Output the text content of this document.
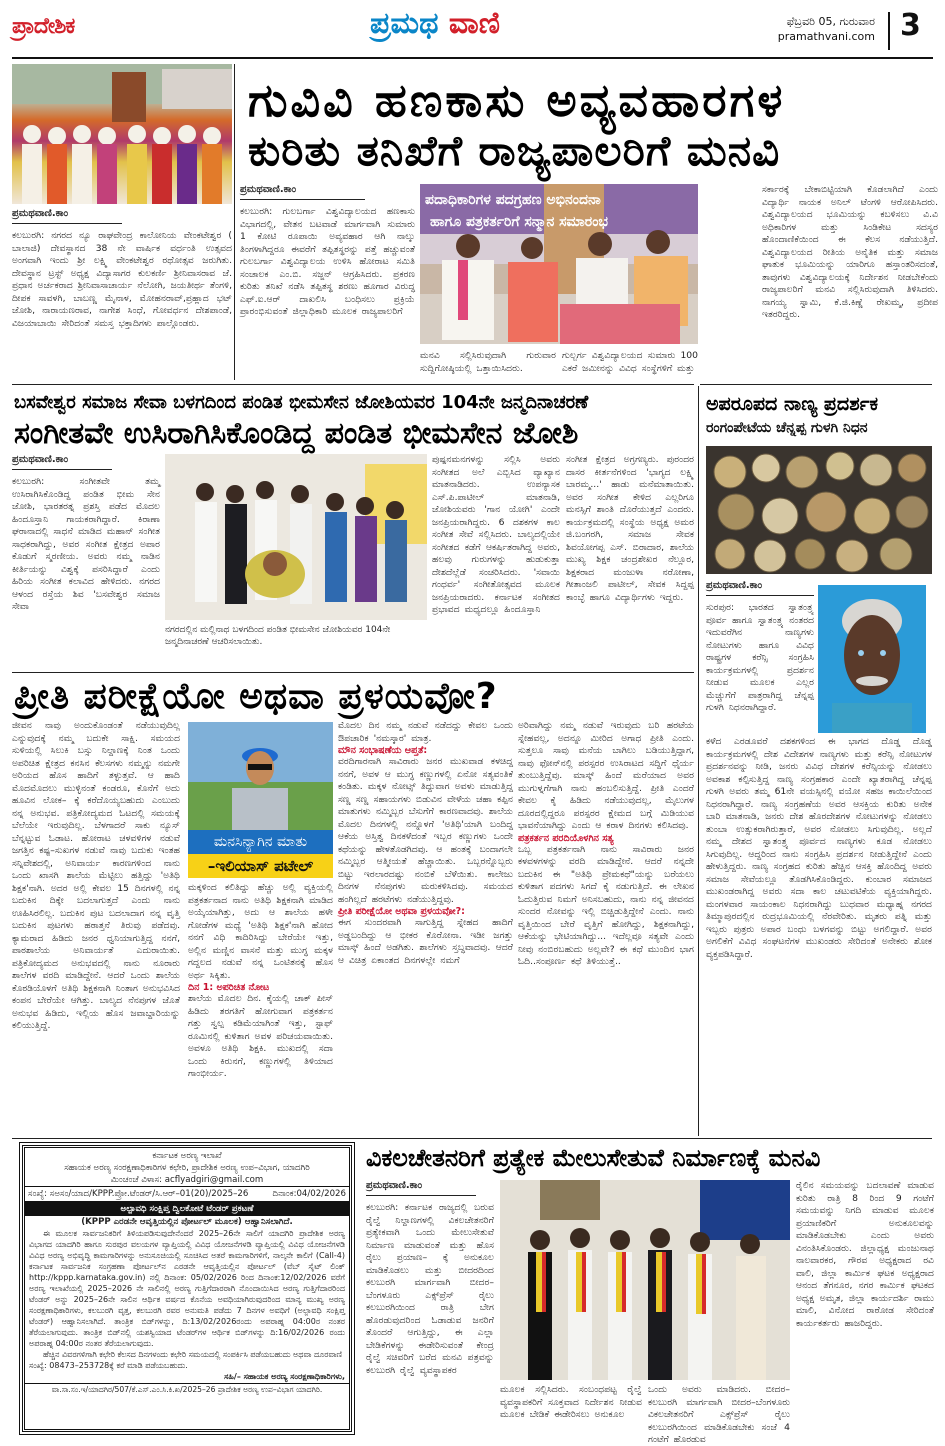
ಪ್ರಾದೇಶಿಕ	ಪ್ರಮಥ ವಾಣಿ	ಫೆಬ್ರವರಿ 05, ಗುರುವಾರ
pramathvani.com 3
ಪ್ರಮಥವಾಣಿ.ಕಾಂ
ಕಲಬುರಗಿ: ನಗರದ ನ್ಯೂ ರಾಘವೇಂದ್ರ ಕಾಲೋನಿಯ ವೇಂಕಟೇಶ್ವರ ( ಬಾಲಾಜಿ) ದೇವಸ್ಥಾನದ 38 ನೇ ವಾರ್ಷಿಕ ವರ್ಧಂತಿ ಉತ್ಸವದ ಅಂಗವಾಗಿ ಇಂದು ಶ್ರೀ ಲಕ್ಷ್ಮಿ ವೇಂಕಟೇಶ್ವರ ರಥೋತ್ಸವ ಜರುಗಿತು. ದೇವಸ್ಥಾನ ಟ್ರಸ್ಟ್ ಅಧ್ಯಕ್ಷ ವಿದ್ಯಾಸಾಗರ ಕುಲಕರ್ಣಿ ಶ್ರೀನಿವಾಸರಾವ ಜೆ. ಪ್ರಧಾನ ಅರ್ಚಕರಾದ ಶ್ರೀನಿವಾಸಾಚಾರ್ಯ ನೆಲೋಗಿ, ಜಯತೀರ್ಥ ತೆಂಗಳಿ, ದೀಪಕ ಸಾವಳಗಿ, ಬಾಬಣ್ಣ ಮೈನಾಳ, ಮೋಹನರಾವ್,ಪ್ರಹ್ಲಾದ ಭಟ್ ಜೋಶಿ, ನಾರಾಯಣರಾವ, ನಾಗೇಶ ಸಿಂಧೆ, ಗೋವರ್ಧನ ದೇಶಪಾಂಡೆ, ವಿಜಯಾಬಾಯಿ ಸೇರಿದಂತೆ ಸಮಸ್ತ ಭಕ್ತಾದಿಗಳು ಪಾಲ್ಗೊಂಡರು.
ಗುವಿವಿ ಹಣಕಾಸು ಅವ್ಯವಹಾರಗಳ
ಕುರಿತು ತನಿಖೆಗೆ ರಾಜ್ಯಪಾಲರಿಗೆ ಮನವಿ
ಪ್ರಮಥವಾಣಿ.ಕಾಂ
ಕಲಬುರಗಿ: ಗುಲಬರ್ಗಾ ವಿಶ್ವವಿದ್ಯಾಲಯದ ಹಣಕಾಸು ವಿಭಾಗದಲ್ಲಿ, ವೇತನ ಬಟವಾಡೆ ಮಾರ್ಗವಾಗಿ ಸುಮಾರು 1 ಕೋಟಿ ರೂಪಾಯಿ ಅವ್ಯವಹಾರ ಆಗಿ ನಾಲ್ಕು ತಿಂಗಳಾಗಿದ್ದರೂ ಈವರೆಗೆ ತಪ್ಪಿತಸ್ಥರನ್ನು ಪತ್ತೆ ಹಚ್ಚುವಂತೆ ಗುಲಬರ್ಗಾ ವಿಶ್ವವಿದ್ಯಾಲಯ ಉಳಿಸಿ ಹೋರಾಟ ಸಮಿತಿ ಸಂಚಾಲಕ ಎಂ.ಬಿ. ಸಜ್ಜನ್ ಆಗ್ರಹಿಸಿದರು. ಪ್ರಕರಣ ಕುರಿತು ತನಿಖೆ ನಡೆಸಿ ತಪ್ಪಿತಸ್ಥ ಶರಣು ಹೂಗಾರ ವಿರುದ್ಧ ಎಫ್.ಐ.ಆರ್ ದಾಖಲಿಸಿ ಬಂಧಿಸಲು ಪ್ರಕ್ರಿಯೆ ಪ್ರಾರಂಭಿಸುವಂತೆ ಜಿಲ್ಲಾಧಿಕಾರಿ ಮೂಲಕ ರಾಜ್ಯಪಾಲರಿಗೆ
ಪದಾಧಿಕಾರಿಗಳ ಪದಗ್ರಹಣ ಅಭಿನಂದನಾ
ಹಾಗೂ ಪತ್ರಕರ್ತರಿಗೆ ಸನ್ಮಾನ ಸಮಾರಂಭ
ಮನವಿ ಸಲ್ಲಿಸಿರುವುದಾಗಿ ಗುರುವಾರ ಸುದ್ದಿಗೋಷ್ಠಿಯಲ್ಲಿ ಒತ್ತಾಯಿಸಿದರು.
ಗುಲ್ಬರ್ಗ ವಿಶ್ವವಿದ್ಯಾಲಯದ ಸುಮಾರು 100 ಎಕರೆ ಜಮೀನನ್ನು ವಿವಿಧ ಸಂಸ್ಥೆಗಳಿಗೆ ಮತ್ತು
ಸರ್ಕಾರಕ್ಕೆ ಬೇಕಾಬಿಟ್ಟಿಯಾಗಿ ಕೊಡಲಾಗಿದೆ ಎಂದು ವಿದ್ಯಾರ್ಥಿ ನಾಯಕ ಅನಿಲ್ ಟೆಂಗಳಿ ಆರೋಪಿಸಿದರು. ವಿಶ್ವವಿದ್ಯಾಲಯದ ಭೂಮಿಯನ್ನು ಕಬಳಿಸಲು ವಿ.ವಿ ಅಧಿಕಾರಿಗಳ ಮತ್ತು ಸಿಂಡಿಕೇಟ ಸದಸ್ಯರ ಹೊಂದಾಣಿಕೆಯಿಂದ ಈ ಕೆಲಸ ನಡೆಯುತ್ತಿದೆ. ವಿಶ್ವವಿದ್ಯಾಲಯದ ರೀತಿಯ ಅನೈತಿಕ ಮತ್ತು ಸಮಾಜ ಘಾತುಕ ಭೂಮಿಯನ್ನು ಯಾರಿಗೂ ಹಸ್ತಾಂತರಿಸದಂತೆ, ತಾವುಗಳು ವಿಶ್ವವಿದ್ಯಾಲಯಕ್ಕೆ ನಿರ್ದೇಶನ ನೀಡಬೇಕೆಂದು ರಾಜ್ಯಪಾಲರಿಗೆ ಮನವಿ ಸಲ್ಲಿಸಿರುವುದಾಗಿ ತಿಳಿಸಿದರು. ನಾಗಯ್ಯ ಸ್ವಾಮಿ, ಕೆ.ಜಿ.ಕಿಣ್ಣೆ ರೇಖಮ್ಮ, ಪ್ರದೀಪ ಇತರರಿದ್ದರು.
ಬಸವೇಶ್ವರ ಸಮಾಜ ಸೇವಾ ಬಳಗದಿಂದ ಪಂಡಿತ ಭೀಮಸೇನ ಜೋಶಿಯವರ 104ನೇ ಜನ್ಮದಿನಾಚರಣೆ
ಸಂಗೀತವೇ ಉಸಿರಾಗಿಸಿಕೊಂಡಿದ್ದ ಪಂಡಿತ ಭೀಮಸೇನ ಜೋಶಿ
ಪ್ರಮಥವಾಣಿ.ಕಾಂ
ಕಲಬುರಗಿ: ಸಂಗೀತವೇ ತಮ್ಮ ಉಸಿರಾಗಿಸಿಕೊಂಡಿದ್ದ ಪಂಡಿತ ಭೀಮ ಸೇನ ಜೋಶಿ, ಭಾರತರತ್ನ ಪ್ರಶಸ್ತಿ ಪಡೆದ ಮೊದಲ ಹಿಂದೂಸ್ತಾನಿ ಗಾಯಕರಾಗಿದ್ದಾರೆ. ಕಿರಾಣಾ ಘರಾನಾದಲ್ಲಿ ಸಾಧನೆ ಮಾಡಿದ ಮಹಾನ್ ಸಂಗೀತ ಸಾಧಕರಾಗಿದ್ದು, ಅವರ ಸಂಗೀತ ಕ್ಷೇತ್ರದ ಅಪಾರ ಕೊಡುಗೆ ಸ್ಮರಣೀಯ. ಅವರು ನಮ್ಮ ನಾಡಿನ ಕೀರ್ತಿಯನ್ನು ವಿಶ್ವಕ್ಕೆ ಪಸರಿಸಿದ್ದಾರೆ ಎಂದು ಹಿರಿಯ ಸಂಗೀತ ಕಲಾವಿದ ಹೇಳಿದರು. ನಗರದ ಆಳಂದ ರಸ್ತೆಯ ಶಿವ 'ಬಸವೇಶ್ವರ ಸಮಾಜ ಸೇವಾ
ನಗರದಲ್ಲಿನ ಮಲ್ಲಿನಾಥ ಬಳಗದಿಂದ ಪಂಡಿತ ಭೀಮಸೇನ ಜೋಶಿಯವರ 104ನೇ ಜನ್ಮದಿನಾಚರಣೆ ಆಚರಿಸಲಾಯಿತು.
ಪುಷ್ಪನಮನಗಳನ್ನು ಸಲ್ಲಿಸಿ ಅವರು ಸಂಗೀತದ ಅಲೆ ಎಬ್ಬಿಸಿದ ವ್ಯಾಖ್ಯಾನ ಮಾತನಾಡಿದರು. ಉಪನ್ಯಾಸಕ ಎಸ್.ಪಿ.ಪಾಟೀಲ್ ಮಾತನಾಡಿ, ಜೋಶಿಯವರು 'ಗಾನ ಯೋಗಿ' ಎಂದೇ ಜನಪ್ರಿಯರಾಗಿದ್ದರು. 6 ದಶಕಗಳ ಕಾಲ ಸಂಗೀತ ಸೇವೆ ಸಲ್ಲಿಸಿದರು. ಬಾಲ್ಯದಲ್ಲಿಯೇ ಸಂಗೀತದ ಕಡೆಗೆ ಆಕರ್ಷಿತರಾಗಿದ್ದ ಅವರು, ಹಲವು ಗುರುಗಳನ್ನು ಹುಡುಕುತ್ತಾ ದೇಶದೆಲ್ಲೆಡೆ ಸಂಚರಿಸಿದರು. 'ಸವಾಯಿ ಗಂಧರ್ವ' ಸಂಗೀತೋತ್ಸವದ ಮೂಲಕ ಜನಪ್ರಿಯರಾದರು. ಕರ್ನಾಟಕ ಸಂಗೀತದ ಪ್ರಭಾವದ ಮಧ್ಯದಲ್ಲೂ ಹಿಂದೂಸ್ತಾನಿ
ಸಂಗೀತ ಕ್ಷೇತ್ರದ ಅಗ್ರಗಣ್ಯರು. ಪುರಂದರ ದಾಸರ ಕೀರ್ತನೆಗಳಿಂದ 'ಭಾಗ್ಯದ ಲಕ್ಷ್ಮಿ ಬಾರಮ್ಮ...' ಹಾಡು ಮನೆಮಾತಾಯಿತು. ಅವರ ಸಂಗೀತ ಕೇಳಿದ ಎಲ್ಲರಿಗೂ ಮನಸ್ಸಿಗೆ ಶಾಂತಿ ದೊರೆಯುತ್ತದೆ ಎಂದರು. ಕಾರ್ಯಕ್ರಮದಲ್ಲಿ ಸಂಸ್ಥೆಯ ಅಧ್ಯಕ್ಷ ಅಮರ ಜಿ.ಬಂಗರಗಿ, ಸಮಾಜ ಸೇವಕ ಶಿವಯೋಗಪ್ಪ ಎಸ್. ಬಿರಾದಾರ, ಶಾಲೆಯ ಮುಖ್ಯ ಶಿಕ್ಷಕ ಚಂದ್ರಶೇಖರ ನೆಲ್ಲೂರ, ಶಿಕ್ಷಕರಾದ ಮಂಜುಳಾ ನರೋಣಾ, ಗೀತಾಂಜಲಿ ಪಾಟೀಲ್, ಸೇವಕ ಸಿದ್ದಪ್ಪ ಕಾಂಬ್ಳೆ ಹಾಗೂ ವಿದ್ಯಾರ್ಥಿಗಳು ಇದ್ದರು.
ಅಪರೂಪದ ನಾಣ್ಯ ಪ್ರದರ್ಶಕ
ರಂಗಂಪೇಟೆಯ ಚೆನ್ನಪ್ಪ ಗುಳಗಿ ನಿಧನ
ಪ್ರಮಥವಾಣಿ.ಕಾಂ
ಸುರಪುರ: ಭಾರತದ ಸ್ವಾತಂತ್ರ್ಯ ಪೂರ್ವ ಹಾಗೂ ಸ್ವಾತಂತ್ರ್ಯ ನಂತರದ ಇದುವರೆಗಿನ ನಾಣ್ಯಗಳು ನೋಟುಗಳು ಹಾಗೂ ವಿವಿಧ ರಾಷ್ಟ್ರಗಳ ಕರೆನ್ಸಿ ಸಂಗ್ರಹಿಸಿ ಕಾರ್ಯಕ್ರಮಗಳಲ್ಲಿ ಪ್ರದರ್ಶನ ನೀಡುವ ಮೂಲಕ ಎಲ್ಲರ ಮೆಚ್ಚುಗೆಗೆ ಪಾತ್ರರಾಗಿದ್ದ ಚೆನ್ನಪ್ಪ ಗುಳಗಿ ನಿಧನರಾಗಿದ್ದಾರೆ.
ಕಳೆದ ಎರಡೂವರೆ ದಶಕಗಳಿಂದ ಈ ಭಾಗದ ದೊಡ್ಡ ದೊಡ್ಡ ಕಾರ್ಯಕ್ರಮಗಳಲ್ಲಿ ದೇಶ ವಿದೇಶಗಳ ನಾಣ್ಯಗಳು ಮತ್ತು ಕರೆನ್ಸಿ ನೋಟುಗಳ ಪ್ರದರ್ಶನವನ್ನು ನೀಡಿ, ಜನರು ವಿವಿಧ ದೇಶಗಳ ಕರೆನ್ಸಿಯನ್ನು ನೋಡಲು ಅವಕಾಶ ಕಲ್ಪಿಸುತ್ತಿದ್ದ ನಾಣ್ಯ ಸಂಗ್ರಹಕಾರ ಎಂದೇ ಖ್ಯಾತರಾಗಿದ್ದ ಚೆನ್ನಪ್ಪ ಗುಳಗಿ ಅವರು ತಮ್ಮ 61ನೇ ವಯಸ್ಸಿನಲ್ಲಿ ವಯೋ ಸಹಜ ಕಾಯಿಲೆಯಿಂದ ನಿಧನರಾಗಿದ್ದಾರೆ. ನಾಣ್ಯ ಸಂಗ್ರಹಣೆಯ ಅವರ ಆಸಕ್ತಿಯ ಕುರಿತು ಅನೇಕ ಬಾರಿ ಮಾತನಾಡಿ, ಜನರು ದೇಶ ಹೊರದೇಶಗಳ ನೋಟುಗಳನ್ನು ನೋಡಲು ತುಂಬಾ ಉತ್ಸುಕರಾಗಿರುತ್ತಾರೆ, ಅವರ ನೋಡಲು ಸಿಗುವುದಿಲ್ಲ. ಅಲ್ಲದೆ ನಮ್ಮ ದೇಶದ ಸ್ವಾತಂತ್ರ್ಯ ಪೂರ್ವದ ನಾಣ್ಯಗಳು ಕೂಡ ನೋಡಲು ಸಿಗುವುದಿಲ್ಲ. ಆದ್ದರಿಂದ ನಾನು ಸಂಗ್ರಹಿಸಿ ಪ್ರದರ್ಶನ ನೀಡುತ್ತಿದ್ದೇನೆ ಎಂದು ಹೇಳುತ್ತಿದ್ದರು. ನಾಣ್ಯ ಸಂಗ್ರಹದ ಕುರಿತು ಹೆಚ್ಚಿನ ಆಸಕ್ತಿ ಹೊಂದಿದ್ದ ಅವರು ಸಮಾಜ ಸೇವೆಯಲ್ಲೂ ತೊಡಗಿಸಿಕೊಂಡಿದ್ದರು. ಕುಂಬಾರ ಸಮಾಜದ ಮುಖಂಡರಾಗಿದ್ದ ಅವರು ಸದಾ ಕಾಲ ಚಟುವಟಿಕೆಯ ವ್ಯಕ್ತಿಯಾಗಿದ್ದರು. ಮಂಗಳವಾರ ಸಾಯಂಕಾಲ ನಿಧನರಾಗಿದ್ದು ಬುಧವಾರ ಮಧ್ಯಾಹ್ನ ನಗರದ ತಿಮ್ಮಾಪುರದಲ್ಲಿನ ರುದ್ರಭೂಮಿಯಲ್ಲಿ ನೆರವೇರಿತು. ಮೃತರು ಪತ್ನಿ ಮತ್ತು ಇಬ್ಬರು ಪುತ್ರರು ಅಪಾರ ಬಂಧು ಬಳಗವನ್ನು ಬಿಟ್ಟು ಅಗಲಿದ್ದಾರೆ. ಅವರ ಅಗಲಿಕೆಗೆ ವಿವಿಧ ಸಂಘಟನೆಗಳ ಮುಖಂಡರು ಸೇರಿದಂತೆ ಅನೇಕರು ಶೋಕ ವ್ಯಕ್ತಪಡಿಸಿದ್ದಾರೆ.
ಪ್ರೀತಿ ಪರೀಕ್ಷೆಯೋ ಅಥವಾ ಪ್ರಳಯವೋ?
ಜೀವನ ನಾವು ಅಂದುಕೊಂಡಂತೆ ನಡೆಯುವುದಿಲ್ಲ ಎನ್ನುವುದಕ್ಕೆ ನಮ್ಮ ಬದುಕೇ ಸಾಕ್ಷಿ. ಸಮಯದ ಸುಳಿಯಲ್ಲಿ ಸಿಲುಕಿ ಬಸ್ಸು ನಿಲ್ದಾಣಕ್ಕೆ ನಿಂತ ಒಂದು ಅಪರಿಚಿತ ಕ್ಷೇತ್ರದ ಕನಸಿನ ಕೆಲಸಗಳು ನಮ್ಮನ್ನು ನಮಗೇ ಅರಿಯದ ಹೊಸ ಹಾದಿಗೆ ತಳ್ಳುತ್ತವೆ. ಆ ಹಾದಿ ಮೊದಮೊದಲು ಮುಳ್ಳಿನಂತೆ ಕಂಡರೂ, ಕೊನೆಗೆ ಅದು ಹೂವಿನ ಲೋಕ– ಕ್ಕೆ ಕರೆದೊಯ್ಯಬಹುದು ಎಂಬುದು ನನ್ನ ಅನುಭವ. ಪತ್ರಿಕೋದ್ಯಮದ ಓಟದಲ್ಲಿ ಸಮಯಕ್ಕೆ ಬೆಲೆಯೇ ಇರುವುದಿಲ್ಲ. ಬೆಳಗಾದರೆ ಸಾಕು ನ್ಯೂಸ್ ಬೆನ್ನಟ್ಟುವ ಓಡಾಟ. ಹೋರಾಟ ಚಳವಳಿಗಳ ನಡುವೆ ಜಗತ್ತಿನ ಕಷ್ಟ–ಸುಖಗಳ ನಡುವೆ ನಾವು ಬದುಕು ಇಂತಹ ಸನ್ನಿವೇಶದಲ್ಲಿ, ಅನಿವಾರ್ಯ ಕಾರಣಗಳಿಂದ ನಾನು ಒಂದು ಖಾಸಗಿ ಶಾಲೆಯ ಮೆಟ್ಟಿಲು ಹತ್ತಿದ್ದು 'ಅತಿಥಿ ಶಿಕ್ಷಕ'ನಾಗಿ. ಅದರ ಅಲ್ಲಿ ಕೇವಲ 15 ದಿನಗಳಲ್ಲಿ ನನ್ನ ಬದುಕಿನ ದಿಕ್ಕೇ ಬದಲಾಗುತ್ತದೆ ಎಂದು ನಾನು ಊಹಿಸಿರಲಿಲ್ಲ. ಬದುಕಿನ ಪುಟ ಬದಲಾದಾಗ ನನ್ನ ವೃತ್ತಿ ಬದುಕಿನ ಪುಟಗಳು ಹಠಾತ್ತನೆ ತಿರುವು ಪಡೆದವು. ಕ್ಯಾಮರಾದ ಹಿಡಿದು ಜನರ ಧ್ವನಿಯಾಗುತ್ತಿದ್ದ ನನಗೆ, ಪಾಠಶಾಲೆಯ ಅನಿವಾರ್ಯತೆ ಎದುರಾಯಿತು. ಪತ್ರಿಕೋದ್ಯಮದ ಅನುಭವದಲ್ಲಿ ನಾನು ನೂರಾರು ಶಾಲೆಗಳ ವರದಿ ಮಾಡಿದ್ದೇನೆ. ಆದರೆ ಒಂದು ಶಾಲೆಯ ಕೊಠಡಿಯೊಳಗೆ ಅತಿಥಿ ಶಿಕ್ಷಕನಾಗಿ ನಿಂತಾಗ ಅನುಭವಿಸಿದ ಕಂಪನ ಬೇರೆಯೇ ಆಗಿತ್ತು. ಬಾಲ್ಯದ ನೆನಪುಗಳ ಜೊತೆ ಅನುಭವ ಹಿಡಿದು, ಇಲ್ಲಿಯ ಹೊಸ ಜವಾಬ್ದಾರಿಯನ್ನು ಕಲಿಯುತ್ತಿದ್ದೆ.
ಮನಸಿನ್ಯಾಗಿನ ಮಾತು
–ಇಲಿಯಾಸ್ ಪಟೇಲ್
ಮಕ್ಕಳಿಂದ ಕಲಿತಿದ್ದು ಹೆಚ್ಚು ಅಲ್ಲಿ ವ್ಯಕ್ತಿಯಲ್ಲಿ ಪತ್ರಕರ್ತನಾದ ನಾನು ಅತಿಥಿ ಶಿಕ್ಷಕನಾಗಿ ಮಾಡಿದ ಅಯ್ಕೆಯಾಗಿತ್ತು, ಅದು ಆ ಶಾಲೆಯ ಹಳೇ ಗೋಡೆಗಳ ಮಧ್ಯೆ 'ಅತಿಥಿ ಶಿಕ್ಷಕ'ನಾಗಿ ಹೋದ ನನಗೆ ವಿಧಿ ಕಾದಿರಿಸಿದ್ದು ಬೇರೆಯೇ ಇತ್ತು, ಅಲ್ಲಿನ ಮಣ್ಣಿನ ವಾಸನೆ ಮತ್ತು ಮುಗ್ಧ ಮಕ್ಕಳ ಗದ್ದಲದ ನಡುವೆ ನನ್ನ ಒಂಟಿತನಕ್ಕೆ ಹೊಸ ಅರ್ಥ ಸಿಕ್ಕಿತು.
ದಿನ 1: ಅಪರಿಚಿತ ನೋಟ
ಶಾಲೆಯ ಮೊದಲ ದಿನ. ಕೈಯಲ್ಲಿ ಚಾಕ್ ಪೀಸ್ ಹಿಡಿದು ತರಗತಿಗೆ ಹೋಗುವಾಗ ಪತ್ರಕರ್ತನ ಗತ್ತು ಸ್ವಲ್ಪ ಕಡಿಮೆಯಾಗಿಂತೆ ಇತ್ತು, ಸ್ಟಾಫ್ ರೂಮಿನಲ್ಲಿ ಕುಳಿತಾಗ ಅವಳ ಪರಿಚಯವಾಯಿತು. ಅವಳೂ ಅತಿಥಿ ಶಿಕ್ಷಕಿ. ಮುಖದಲ್ಲಿ ಸದಾ ಒಂದು ಕಿರುನಗೆ, ಕಣ್ಣುಗಳಲ್ಲಿ ತಿಳಿಯಾದ ಗಾಂಭೀರ್ಯ.
ಮೊದಲ ದಿನ ನಮ್ಮ ನಡುವೆ ನಡೆದದ್ದು ಕೇವಲ ಒಂದು ಔಪಚಾರಿಕ 'ನಮಸ್ಕಾರ' ಮಾತ್ರ.
ಮೌನ ಸಂಭಾಷಣೆಯ ಆಪ್ತತೆ:
ವರದಿಗಾರನಾಗಿ ಸಾವಿರಾರು ಜನರ ಮುಖವಾಡ ಕಳಚಿದ್ದ ನನಗೆ, ಅವಳ ಆ ಮುಗ್ಧ ಕಣ್ಣುಗಳಲ್ಲಿ ಏನೋ ಸತ್ಯವಂತಿಕೆ ಕಂಡಿತು. ಮಕ್ಕಳ ನೋಟ್ಸ್ ತಿದ್ದುವಾಗ ಅವಳು ಮಾಡುತ್ತಿದ್ದ ಸಣ್ಣ ಸಣ್ಣ ಸಹಾಯಗಳು ಬಿಡುವಿನ ವೇಳೆಯ ಚಹಾ ಕಪ್ಪಿನ ಮಾತುಗಳು ನಮ್ಮಿಬ್ಬರ ಬೆಸುಗೆಗೆ ಕಾರಣವಾದವು. ಶಾಲೆಯ ಮೊದಲ ದಿನಗಳಲ್ಲಿ ನನ್ನೊಳಗೆ 'ಅತಿಥಿ'ಯಾಗಿ ಬಂದಿದ್ದ ಆಕೆಯ ಅಸ್ತಿತ್ವ ದಿನಕಳೆದಂತೆ ಇಬ್ಬರ ಕಣ್ಣುಗಳು ಒಂದೇ ಕಥೆಯನ್ನು ಹೇಳತೊಡಗಿದವು. ಆ ಹಂತಕ್ಕೆ ಬಂದಾಗಲೇ ನಮ್ಮಿಬ್ಬರ ಆತ್ಮೀಯತೆ ಹೆಚ್ಚಾಯಿತು. ಒಬ್ಬರನ್ನೊಬ್ಬರು ಬಿಟ್ಟು ಇರಲಾರದಷ್ಟು ನಂಬಿಕೆ ಬೆಳೆಯಿತು. ಕಾಲೇಜು ದಿನಗಳ ನೆನಪುಗಳು ಮರುಕಳಿಸಿದವು. ಸಮಯದ ಹಂಗಿಲ್ಲದೆ ಹರಟೆಗಳು ನಡೆಯುತ್ತಿದ್ದವು.
ಪ್ರೀತಿ ಪರೀಕ್ಷೆಯೋ ಅಥವಾ ಪ್ರಳಯವೋ?:
ಈಗ ಸುಂದರವಾಗಿ ಸಾಗುತ್ತಿದ್ದ ಸ್ನೇಹದ ಹಾದಿಗೆ ಅಡ್ಡಬಂದಿದ್ದು ಆ ಭೀಕರ ಕೊರೋನಾ. ಇಡೀ ಜಗತ್ತು ಮಾಸ್ಕ್ ಹಿಂದೆ ಅಡಗಿತು. ಶಾಲೆಗಳು ಸ್ತಬ್ಧವಾದವು. ಆದರೆ ಆ ವಿಚಿತ್ರ ಏಕಾಂತದ ದಿನಗಳಲ್ಲೇ ನಮಗೆ
ಅರಿವಾಗಿದ್ದು ನಮ್ಮ ನಡುವೆ ಇರುವುದು ಬರಿ ಹರಟೆಯ ಸ್ನೇಹವಲ್ಲ, ಅದನ್ನೂ ಮೀರಿದ ಅಗಾಧ ಪ್ರೀತಿ ಎಂದು. ಸುತ್ತಲೂ ಸಾವು ಮನೆಯ ಬಾಗಿಲು ಬಡಿಯುತ್ತಿದ್ದಾಗ, ನಾವು ಫೋನ್‌ನಲ್ಲಿ ಪರಸ್ಪರರ ಉಸಿರಾಟದ ಸದ್ದಿಗೆ ಧೈರ್ಯ ತುಂಬುತ್ತಿದ್ದೆವು. ಮಾಸ್ಕ್ ಹಿಂದೆ ಮರೆಯಾದ ಅವರ ಮುಗುಳ್ನಗೆಗಾಗಿ ನಾನು ಹಂಬಲಿಸುತ್ತಿದ್ದೆ. ಪ್ರೀತಿ ಎಂದರೆ ಕೇವಲ ಕೈ ಹಿಡಿದು ನಡೆಯುವುದಲ್ಲ, ಮೈಲುಗಳ ದೂರದಲ್ಲಿದ್ದರೂ ಪರಸ್ಪರರ ಕ್ಷೇಮದ ಬಗ್ಗೆ ಮಿಡಿಯುವ ಭಾವನೆಯಾಗಿದ್ದು ಎಂದು ಆ ಕರಾಳ ದಿನಗಳು ಕಲಿಸಿದವು.
ಪತ್ರಕರ್ತನ ಪರದಿಯೊಳಗಿನ ಸತ್ಯ
ಒಬ್ಬ ಪತ್ರಕರ್ತನಾಗಿ ನಾನು ಸಾವಿರಾರು ಜನರ ಕಳವಳಗಳನ್ನು ವರದಿ ಮಾಡಿದ್ದೇನೆ. ಆದರೆ ನನ್ನದೇ ಬದುಕಿನ ಈ "ಅತಿಥಿ ಪ್ರೇಮಕಥೆ"ಯನ್ನು ಬರೆಯಲು ಕುಳಿತಾಗ ಪದಗಳು ಸಿಗದೆ ಕೈ ನಡುಗುತ್ತಿದೆ. ಈ ಲೇಖನ ಓದುತ್ತಿರುವ ನಿಮಗೆ ಅನಿಸಬಹುದು, ನಾನು ನನ್ನ ಜೀವನದ ಸುಂದರ ನೋವನ್ನು ಇಲ್ಲಿ ಬಿಚ್ಚಿಡುತ್ತಿದ್ದೇನೆ ಎಂದು. ನಾನು ವೃತ್ತಿಯಿಂದ ಬೇರೆ ವೃತ್ತಿಗೆ ಹೋಗಿದ್ದು, ಶಿಕ್ಷಕನಾಗಿದ್ದು, ಆಕೆಯನ್ನು ಭೇಟಿಯಾಗಿದ್ದು... ಇದೆಲ್ಲವೂ ಸತ್ಯವೇ ಎಂದು ನೀವು ನಂಬಿರಬಹುದು ಅಲ್ಲವೇ? ಈ ಕಥೆ ಮುಂದಿನ ಭಾಗ ಓದಿ..ಸಂಪೂರ್ಣ ಕಥೆ ತಿಳಿಯುತ್ತೆ..
ಕರ್ನಾಟಕ ಅರಣ್ಯ ಇಲಾಖೆ
ಸಹಾಯಕ ಅರಣ್ಯ ಸಂರಕ್ಷಣಾಧಿಕಾರಿಗಳ ಕಛೇರಿ, ಪ್ರಾದೇಶಿಕ ಅರಣ್ಯ ಉಪ–ವಿಭಾಗ, ಯಾದಗಿರಿ
ಮಿಂಚಂಚೆ ವಿಳಾಸ: acflyadgiri@gmail.com
ಸಂಖ್ಯೆ: ಸಅಸಂ/ಯಾದ/KPPP.ಪ್ರೋ.ಟೆಂಡರ್/ಸಿ.ಆರ್–01(20)/2025–26	ದಿನಾಂಕ:04/02/2026
ಅಲ್ಪಾವಧಿ ಸಂಕ್ಷಿಪ್ತ ದ್ವಿಲಕೋಟೆ ಟೆಂಡರ್ ಪ್ರಕಟಣೆ
(KPPP ಎರಡನೇ ಆವೃತ್ತಿಯಲ್ಲಿನ ಪೋರ್ಟಲ್ ಮೂಲಕ) ಆಹ್ವಾನಿಸಲಾಗಿದೆ.
ಈ ಮೂಲಕ ಸಾರ್ವಜನಿಕರಿಗೆ ತಿಳಿಯಪಡಿಸುವುದೇನೆಂದರೆ 2025–26ನೇ ಸಾಲಿಗೆ ಯಾದಗಿರಿ ಪ್ರಾದೇಶಿಕ ಅರಣ್ಯ ವಿಭಾಗದ ಯಾದಗಿರಿ ಹಾಗೂ ಸುರಪುರ ವಲಯಗಳ ವ್ಯಾಪ್ತಿಯಲ್ಲಿ ವಿವಿಧ ಯೋಜನೆಗಳಡಿ ವ್ಯಾಪ್ತಿಯಲ್ಲಿ ವಿವಿಧ ಯೋಜನೆಗಳಡಿ ವಿವಿಧ ಅರಣ್ಯ ಅಭಿವೃದ್ಧಿ ಕಾಮಗಾರಿಗಳನ್ನು ಅನುಸೂಚಿಯಲ್ಲಿ ಸೂಚಿಸಿದ ಅತರೆ ಕಾಮಗಾರಿಗಳಿಗೆ, ನಾಲ್ಕನೇ ಕಾಲಿಗೆ (Call-4) ಕರ್ನಾಟಕ ಸಾರ್ವಜನಿಕ ಸಂಗ್ರಹಣಾ ಪೋರ್ಟಲ್‌ನ ಎರಡನೇ ಆವೃತ್ತಿಯಲ್ಲಿನ ಪೋರ್ಟಲ್ (ವೆಬ್ ಸೈಟ್ ಲಿಂಕ್ http://kppp.karnataka.gov.in) ನಲ್ಲಿ ದಿನಾಂಕ: 05/02/2026 ರಿಂದ ದಿನಾಂಕ:12/02/2026 ವರೆಗೆ ಅರಣ್ಯ ಇಲಾಖೆಯಲ್ಲಿ 2025–2026 ನೇ ಸಾಲಿನಲ್ಲಿ ಅರಣ್ಯ ಗುತ್ತಿಗೆದಾರರಾಗಿ ನೊಂದಾಯಿಸಿದ ಅರಣ್ಯ ಗುತ್ತಿಗೆದಾರರಿಂದ ಟೆಂಡರ್ ಅನ್ನು 2025–26ನೇ ಸಾಲಿನ ಆರ್ಥಿಕ ವರ್ಷದ ಕೊನೆಯ ಅವಧಿಯಾಗಿರುವುದರಿಂದ ಮಾನ್ಯ ಮುಖ್ಯ ಅರಣ್ಯ ಸಂರಕ್ಷಣಾಧಿಕಾರಿಗಳು, ಕಲಬುರಗಿ ವೃತ್ತ, ಕಲಬುರಗಿ ರವರ ಅನುಮತಿ ಪಡೆದು 7 ದಿನಗಳ ಅವಧಿಗೆ (ಅಲ್ಪಾವಧಿ ಸಂಕ್ಷಿಪ್ತ ಟೆಂಡರ್) ಆಹ್ವಾನಿಸಲಾಗಿದೆ. ತಾಂತ್ರಿಕ ಬಿಡ್‌ಗಳನ್ನು, ದಿ:13/02/2026ರಂದು ಅಪರಾಹ್ನ 04:00ರ ನಂತರ ತೆರೆಯಲಾಗುವುದು. ತಾಂತ್ರಿಕ ಬಿಡ್‌ನಲ್ಲಿ ಯಶಸ್ವಿಯಾದ ಟೆಂಡರ್‌ಗಳ ಆರ್ಥಿಕ ಬಿಡ್‌ಗಳನ್ನು ದಿ:16/02/2026 ರಂದು ಅಪರಾಹ್ನ 04:00ರ ನಂತರ ತೆರೆಯಲಾಗುವುದು.
ಹೆಚ್ಚಿನ ವಿವರಗಳಿಗಾಗಿ ಕಛೇರಿ ಕೆಲಸದ ದಿನಗಳಂದು ಕಛೇರಿ ಸಮಯದಲ್ಲಿ ಸಂಪರ್ಕಿಸಿ ಪಡೆಯಬಹುದು ಅಥವಾ ದೂರವಾಣಿ ಸಂಖ್ಯೆ: 08473–253728ಕ್ಕೆ ಕರೆ ಮಾಡಿ ಪಡೆಯಬಹುದು.
ಸಹಿ/– ಸಹಾಯಕ ಅರಣ್ಯ ಸಂರಕ್ಷಣಾಧಿಕಾರಿಗಳು,
ವಾ.ಸಾ.ಸಂ.ಇ/ಯಾದಗಿರ/507/ಕೆ.ಎಸ್.ಎಂ.ಸಿ.ಕಿ.ಖ/2025–26 ಪ್ರಾದೇಶಿಕ ಅರಣ್ಯ ಉಪ–ವಿಭಾಗ ಯಾದಗಿರಿ.
ವಿಕಲಚೇತನರಿಗೆ ಪ್ರತ್ಯೇಕ ಮೇಲುಸೇತುವೆ ನಿರ್ಮಾಣಕ್ಕೆ ಮನವಿ
ಪ್ರಮಥವಾಣಿ.ಕಾಂ
ಕಲಬುರಗಿ: ಕರ್ನಾಟಕ ರಾಜ್ಯದಲ್ಲಿ ಬರುವ ರೈಲ್ವೆ ನಿಲ್ದಾಣಗಳಲ್ಲಿ ವಿಕಲಚೇತನರಿಗೆ ಪ್ರತ್ಯೇಕವಾಗಿ ಒಂದು ಮೇಲುಸೇತುವೆ ನಿರ್ಮಾಣ ಮಾಡುವಂತೆ ಮತ್ತು ಹೊಸ ರೈಲು ಪ್ರಯಾಣ– ಕ್ಕೆ ಅನುಕೂಲ ಮಾಡಿಕೊಡಲು ಮತ್ತು ಬೀದರದಿಂದ ಕಲಬುರಗಿ ಮಾರ್ಗವಾಗಿ ಬೀದರ–ಬೆಂಗಳೂರು ಎಕ್ಸ್‌ಪ್ರೆಸ್ ರೈಲು ಕಲಬುರಗಿಯಿಂದ ರಾತ್ರಿ ಬೇಗ ಹೊರಡುವುದರಿಂದ ಓಡಾಡುವ ಜನರಿಗೆ ತೊಂದರೆ ಆಗುತ್ತಿದ್ದು, ಈ ಎಲ್ಲಾ ಬೇಡಿಕೆಗಳನ್ನು ಈಡೇರಿಸುವಂತೆ ಕೇಂದ್ರ ರೈಲ್ವೆ ಸಚಿವರಿಗೆ ಬರೆದ ಮನವಿ ಪತ್ರವನ್ನು ಕಲಬುರಗಿ ರೈಲ್ವೆ ವ್ಯವಸ್ಥಾಪಕರ
ಮೂಲಕ ಸಲ್ಲಿಸಿದರು. ಸಂಬಂಧಪಟ್ಟ ರೈಲ್ವೆ ವ್ಯವಸ್ಥಾಪಕರಿಗೆ ಸೂಕ್ತವಾದ ನಿರ್ದೇಶನ ನೀಡುವ ಮೂಲಕ ಬೇಡಿಕೆ ಈಡೇರಿಸಲು ಅನುಕೂಲ
ಒಂದು ಅವರು ಮಾಡಿದರು. ಬೀದರ– ಕಲಬುರಗಿ ಮಾರ್ಗವಾಗಿ ಬೀದರ–ಬೆಂಗಳೂರು ವಿಕಲಚೇತನರಿಗೆ ಎಕ್ಸ್‌ಪ್ರೆಸ್ ರೈಲು ಕಲಬುರಗಿಯಿಂದ ಮಾಡಿಕೊಡಬೇಕು ಸಂಜೆ 4 ಗಂಟೆಗೆ ಹೊರಡುವ
ರೈಲಿನ ಸಮಯವನ್ನು ಬದಲಾವಣೆ ಮಾಡುವ ಕುರಿತು ರಾತ್ರಿ 8 ರಿಂದ 9 ಗಂಟೆಗೆ ಸಮಯವನ್ನು ನಿಗದಿ ಮಾಡುವ ಮೂಲಕ ಪ್ರಯಾಣಿಕರಿಗೆ ಅನುಕೂಲವನ್ನು ಮಾಡಿಕೊಡಬೇಕು ಎಂದು ಅವರು ವಿನಂತಿಸಿಕೊಂಡರು. ಜಿಲ್ಲಾಧ್ಯಕ್ಷ ಮಂಜುನಾಥ ನಾಲವಾರಕರ, ಗೌರವ ಅಧ್ಯಕ್ಷರಾದ ರವಿ ವಾಲಿ, ಜಿಲ್ಲಾ ಕಾರ್ಮಿಕ ಘಟಕ ಅಧ್ಯಕ್ಷರಾದ ಆನಂದ ತೆಗನೂರ, ನಗರ ಕಾರ್ಮಿಕ ಘಟಕದ ಅಧ್ಯಕ್ಷ ಅಮೃತ, ಜಿಲ್ಲಾ ಕಾರ್ಯದರ್ಶಿ ರಾಮು ಮಾಲಿ, ವಿನೋದ ರಾಠೋಡ ಸೇರಿದಂತೆ ಕಾರ್ಯಕರ್ತರು ಹಾಜರಿದ್ದರು.
